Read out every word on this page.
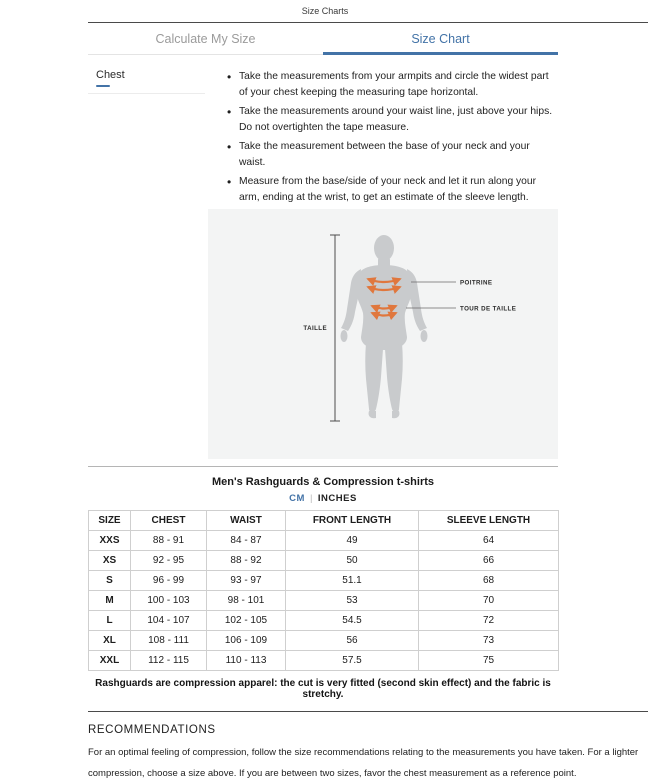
Size Charts
Calculate My Size	Size Chart
Chest	• Take the measurements from your armpits and circle the widest part of your chest keeping the measuring tape horizontal.
• Take the measurements around your waist line, just above your hips. Do not overtighten the tape measure.
• Take the measurement between the base of your neck and your waist.
• Measure from the base/side of your neck and let it run along your arm, ending at the wrist, to get an estimate of the sleeve length.
POITRINE
TOUR DE TAILLE
TAILLE
Men's Rashguards & Compression t-shirts
CM | INCHES
SIZE	CHEST	WAIST	FRONT LENGTH	SLEEVE LENGTH
XXS	88 - 91	84 - 87	49	64
XS	92 - 95	88 - 92	50	66
S	96 - 99	93 - 97	51.1	68
M	100 - 103	98 - 101	53	70
L	104 - 107	102 - 105	54.5	72
XL	108 - 111	106 - 109	56	73
XXL	112 - 115	110 - 113	57.5	75
Rashguards are compression apparel: the cut is very fitted (second skin effect) and the fabric is stretchy.
RECOMMENDATIONS

For an optimal feeling of compression, follow the size recommendations relating to the measurements you have taken. For a lighter compression, choose a size above. If you are between two sizes, favor the chest measurement as a reference point.
